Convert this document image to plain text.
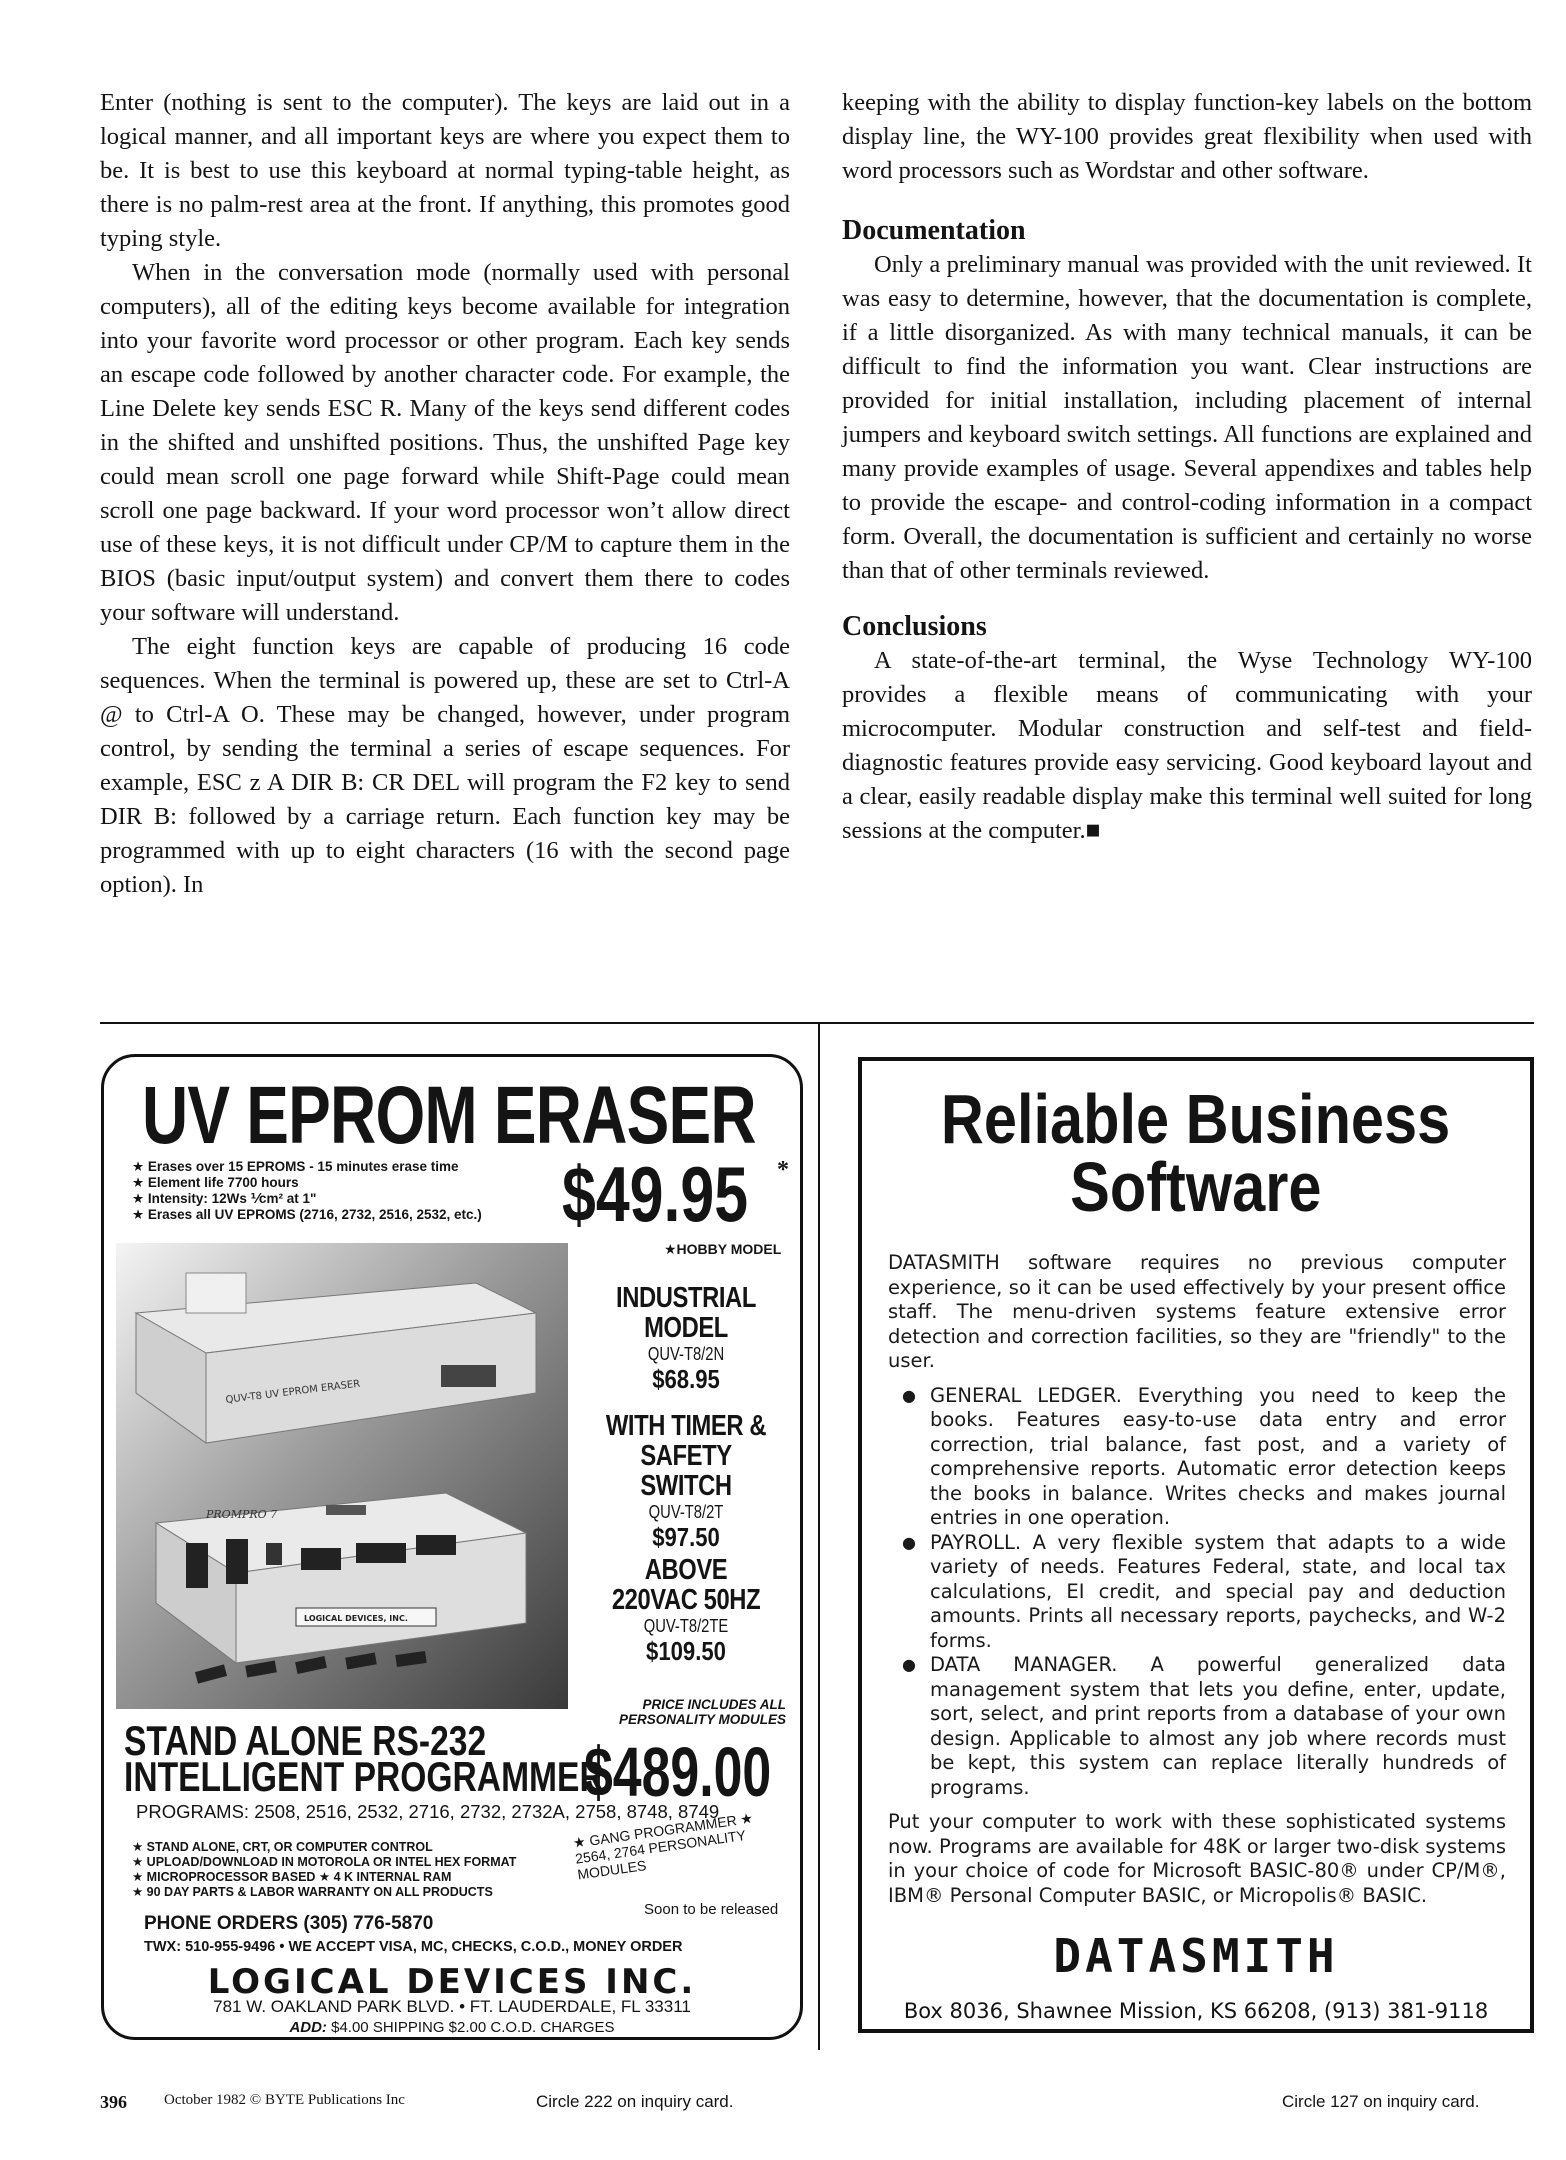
Enter (nothing is sent to the computer). The keys are laid out in a logical manner, and all important keys are where you expect them to be. It is best to use this keyboard at normal typing-table height, as there is no palm-rest area at the front. If anything, this promotes good typing style.

When in the conversation mode (normally used with personal computers), all of the editing keys become available for integration into your favorite word processor or other program. Each key sends an escape code followed by another character code. For example, the Line Delete key sends ESC R. Many of the keys send different codes in the shifted and unshifted positions. Thus, the unshifted Page key could mean scroll one page forward while Shift-Page could mean scroll one page backward. If your word processor won’t allow direct use of these keys, it is not difficult under CP/M to capture them in the BIOS (basic input/output system) and convert them there to codes your software will understand.

The eight function keys are capable of producing 16 code sequences. When the terminal is powered up, these are set to Ctrl-A @ to Ctrl-A O. These may be changed, however, under program control, by sending the terminal a series of escape sequences. For example, ESC z A DIR B: CR DEL will program the F2 key to send DIR B: followed by a carriage return. Each function key may be programmed with up to eight characters (16 with the second page option). In

keeping with the ability to display function-key labels on the bottom display line, the WY-100 provides great flexibility when used with word processors such as Wordstar and other software.

Documentation

Only a preliminary manual was provided with the unit reviewed. It was easy to determine, however, that the documentation is complete, if a little disorganized. As with many technical manuals, it can be difficult to find the information you want. Clear instructions are provided for initial installation, including placement of internal jumpers and keyboard switch settings. All functions are explained and many provide examples of usage. Several appendixes and tables help to provide the escape- and control-coding information in a compact form. Overall, the documentation is sufficient and certainly no worse than that of other terminals reviewed.

Conclusions

A state-of-the-art terminal, the Wyse Technology WY-100 provides a flexible means of communicating with your microcomputer. Modular construction and self-test and field-diagnostic features provide easy servicing. Good keyboard layout and a clear, easily readable display make this terminal well suited for long sessions at the computer.■

UV EPROM ERASER
★ Erases over 15 EPROMS - 15 minutes erase time
★ Element life 7700 hours
★ Intensity: 12Ws ⅟cm² at 1"
★ Erases all UV EPROMS (2716, 2732, 2516, 2532, etc.) $49.95 *
★HOBBY MODEL
QUV-T8 UV EPROM ERASER
PROMPRO 7
LOGICAL DEVICES, INC.
INDUSTRIAL MODEL
QUV-T8/2N
$68.95
WITH TIMER & SAFETY SWITCH
QUV-T8/2T
$97.50
ABOVE 220VAC 50HZ
QUV-T8/2TE
$109.50
PRICE INCLUDES ALL PERSONALITY MODULES
STAND ALONE RS-232
INTELLIGENT PROGRAMMER
$489.00
PROGRAMS: 2508, 2516, 2532, 2716, 2732, 2732A, 2758, 8748, 8749
★ STAND ALONE, CRT, OR COMPUTER CONTROL
★ UPLOAD/DOWNLOAD IN MOTOROLA OR INTEL HEX FORMAT
★ MICROPROCESSOR BASED ★ 4 K INTERNAL RAM
★ 90 DAY PARTS & LABOR WARRANTY ON ALL PRODUCTS
★ GANG PROGRAMMER ★ 2564, 2764 PERSONALITY MODULES
Soon to be released
PHONE ORDERS (305) 776-5870
TWX: 510-955-9496 • WE ACCEPT VISA, MC, CHECKS, C.O.D., MONEY ORDER
LOGICAL DEVICES INC.
781 W. OAKLAND PARK BLVD. • FT. LAUDERDALE, FL 33311
ADD: $4.00 SHIPPING $2.00 C.O.D. CHARGES
Reliable Business
Software

DATASMITH software requires no previous computer experience, so it can be used effectively by your present office staff. The menu-driven systems feature extensive error detection and correction facilities, so they are "friendly" to the user.

● GENERAL LEDGER. Everything you need to keep the books. Features easy-to-use data entry and error correction, trial balance, fast post, and a variety of comprehensive reports. Automatic error detection keeps the books in balance. Writes checks and makes journal entries in one operation.
● PAYROLL. A very flexible system that adapts to a wide variety of needs. Features Federal, state, and local tax calculations, EI credit, and special pay and deduction amounts. Prints all necessary reports, paychecks, and W-2 forms.
● DATA MANAGER. A powerful generalized data management system that lets you define, enter, update, sort, select, and print reports from a database of your own design. Applicable to almost any job where records must be kept, this system can replace literally hundreds of programs.

Put your computer to work with these sophisticated systems now. Programs are available for 48K or larger two-disk systems in your choice of code for Microsoft BASIC-80® under CP/M®, IBM® Personal Computer BASIC, or Micropolis® BASIC.

DATASMITH
Box 8036, Shawnee Mission, KS 66208, (913) 381-9118
396 October 1982 © BYTE Publications Inc	Circle 222 on inquiry card.	Circle 127 on inquiry card.
